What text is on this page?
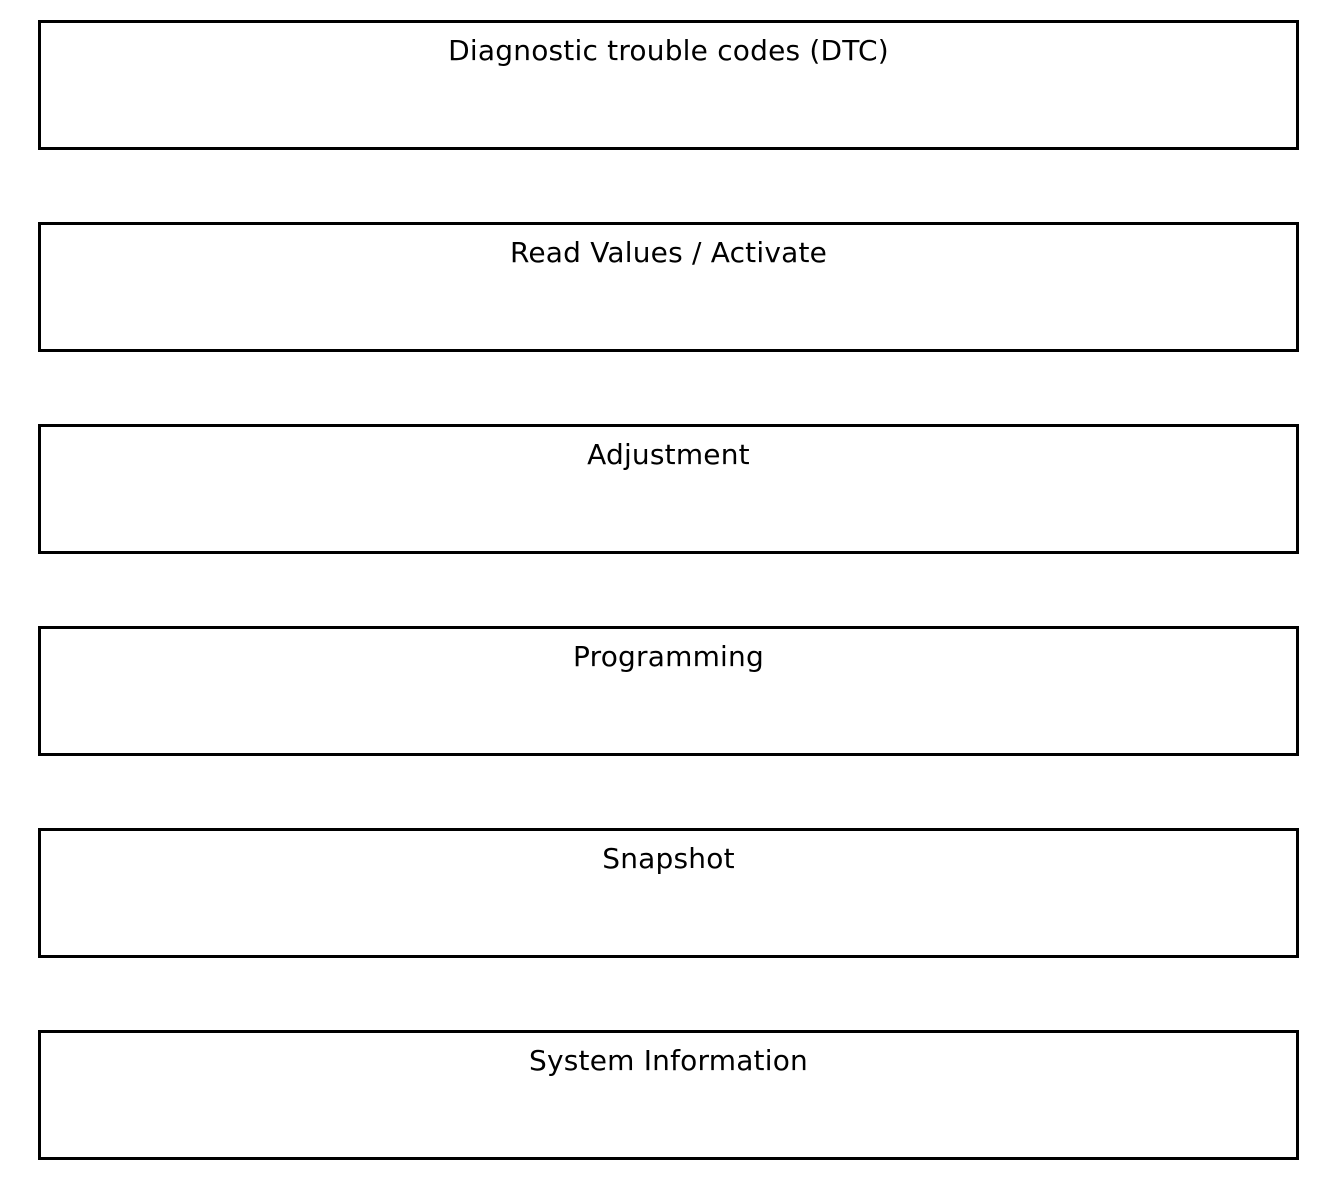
Diagnostic trouble codes (DTC)
Read Values / Activate
Adjustment
Programming
Snapshot
System Information
